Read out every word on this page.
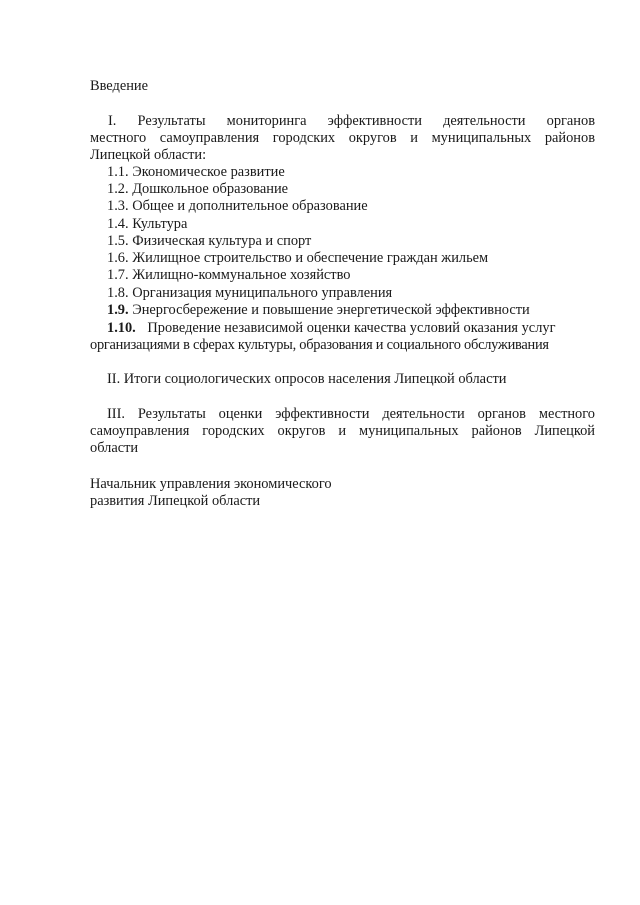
Введение
I. Результаты мониторинга эффективности деятельности органов
местного самоуправления городских округов и муниципальных районов
Липецкой области:
1.1. Экономическое развитие
1.2. Дошкольное образование
1.3. Общее и дополнительное образование
1.4. Культура
1.5. Физическая культура и спорт
1.6. Жилищное строительство и обеспечение граждан жильем
1.7. Жилищно-коммунальное хозяйство
1.8. Организация муниципального управления
1.9. Энергосбережение и повышение энергетической эффективности
1.10. Проведение независимой оценки качества условий оказания услуг
организациями в сферах культуры, образования и социального обслуживания
II. Итоги социологических опросов населения Липецкой области
III. Результаты оценки эффективности деятельности органов местного
самоуправления городских округов и муниципальных районов Липецкой
области
Начальник управления экономического
развития Липецкой области
